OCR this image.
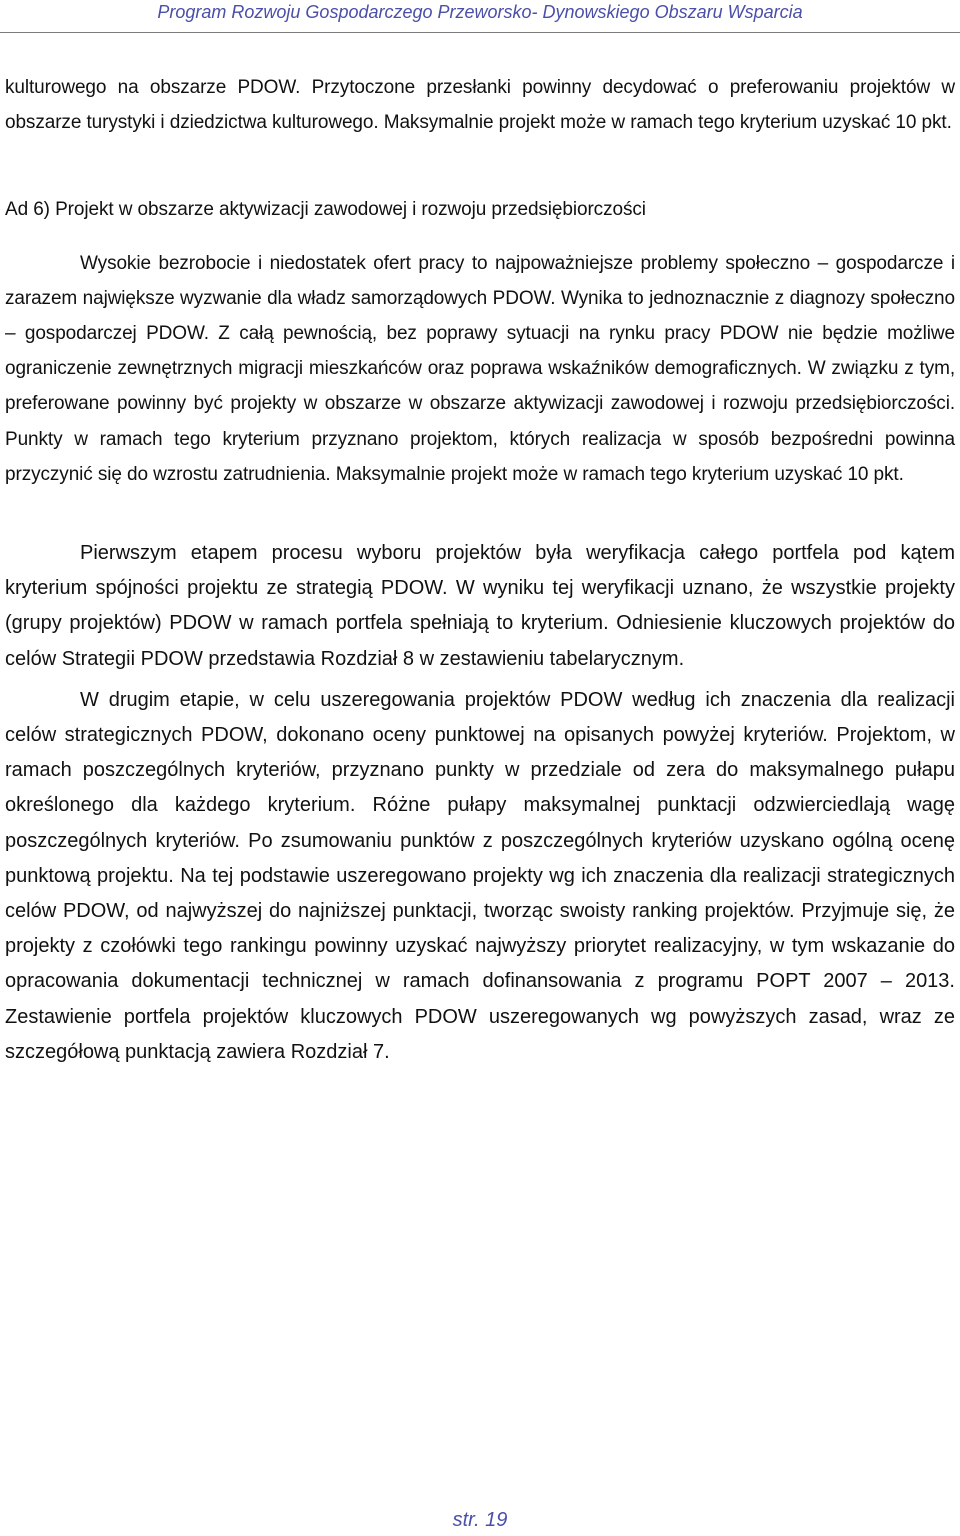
Program Rozwoju Gospodarczego Przeworsko- Dynowskiego Obszaru Wsparcia

kulturowego na obszarze PDOW. Przytoczone przesłanki powinny decydować o preferowaniu projektów w obszarze turystyki i dziedzictwa kulturowego. Maksymalnie projekt może w ramach tego kryterium uzyskać 10 pkt.

Ad 6) Projekt w obszarze aktywizacji zawodowej i rozwoju przedsiębiorczości

Wysokie bezrobocie i niedostatek ofert pracy to najpoważniejsze problemy społeczno – gospodarcze i zarazem największe wyzwanie dla władz samorządowych PDOW. Wynika to jednoznacznie z diagnozy społeczno – gospodarczej PDOW. Z całą pewnością, bez poprawy sytuacji na rynku pracy PDOW nie będzie możliwe ograniczenie zewnętrznych migracji mieszkańców oraz poprawa wskaźników demograficznych. W związku z tym, preferowane powinny być projekty w obszarze w obszarze aktywizacji zawodowej i rozwoju przedsiębiorczości. Punkty w ramach tego kryterium przyznano projektom, których realizacja w sposób bezpośredni powinna przyczynić się do wzrostu zatrudnienia. Maksymalnie projekt może w ramach tego kryterium uzyskać 10 pkt.

Pierwszym etapem procesu wyboru projektów była weryfikacja całego portfela pod kątem kryterium spójności projektu ze strategią PDOW. W wyniku tej weryfikacji uznano, że wszystkie projekty (grupy projektów) PDOW w ramach portfela spełniają to kryterium. Odniesienie kluczowych projektów do celów Strategii PDOW przedstawia Rozdział 8 w zestawieniu tabelarycznym.

W drugim etapie, w celu uszeregowania projektów PDOW według ich znaczenia dla realizacji celów strategicznych PDOW, dokonano oceny punktowej na opisanych powyżej kryteriów. Projektom, w ramach poszczególnych kryteriów, przyznano punkty w przedziale od zera do maksymalnego pułapu określonego dla każdego kryterium. Różne pułapy maksymalnej punktacji odzwierciedlają wagę poszczególnych kryteriów. Po zsumowaniu punktów z poszczególnych kryteriów uzyskano ogólną ocenę punktową projektu. Na tej podstawie uszeregowano projekty wg ich znaczenia dla realizacji strategicznych celów PDOW, od najwyższej do najniższej punktacji, tworząc swoisty ranking projektów. Przyjmuje się, że projekty z czołówki tego rankingu powinny uzyskać najwyższy priorytet realizacyjny, w tym wskazanie do opracowania dokumentacji technicznej w ramach dofinansowania z programu POPT 2007 – 2013. Zestawienie portfela projektów kluczowych PDOW uszeregowanych wg powyższych zasad, wraz ze szczegółową punktacją zawiera Rozdział 7.

str. 19
